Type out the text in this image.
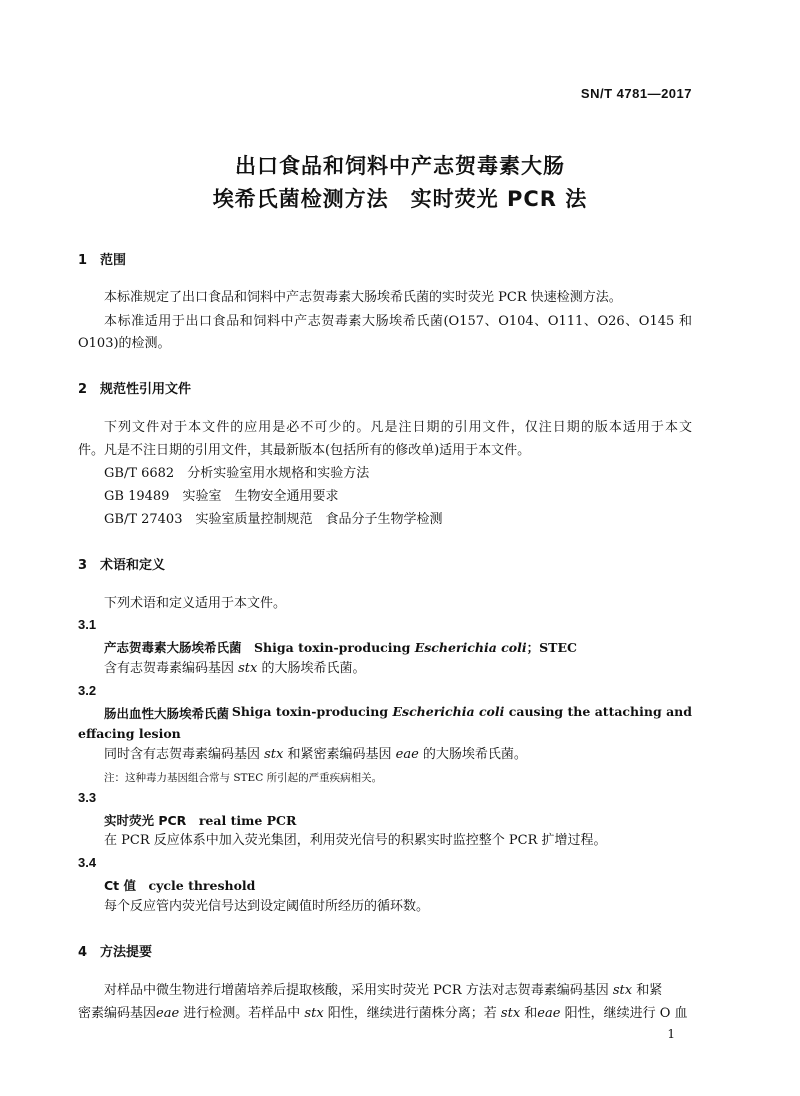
SN/T 4781—2017
出口食品和饲料中产志贺毒素大肠
埃希氏菌检测方法　实时荧光 PCR 法
1 范围
本标准规定了出口食品和饲料中产志贺毒素大肠埃希氏菌的实时荧光 PCR 快速检测方法。
本标准适用于出口食品和饲料中产志贺毒素大肠埃希氏菌(O157、O104、O111、O26、O145 和
O103)的检测。
2 规范性引用文件
下列文件对于本文件的应用是必不可少的。凡是注日期的引用文件，仅注日期的版本适用于本文
件。凡是不注日期的引用文件，其最新版本(包括所有的修改单)适用于本文件。
GB/T 6682　 分析实验室用水规格和实验方法
GB 19489　 实验室　生物安全通用要求
GB/T 27403　 实验室质量控制规范　食品分子生物学检测
3 术语和定义
下列术语和定义适用于本文件。
3.1
产志贺毒素大肠埃希氏菌　 Shiga toxin-producing Escherichia coli；STEC
含有志贺毒素编码基因 stx 的大肠埃希氏菌。
3.2
肠出血性大肠埃希氏菌 Shiga toxin-producing Escherichia coli causing the attaching and
effacing lesion
同时含有志贺毒素编码基因 stx 和紧密素编码基因 eae 的大肠埃希氏菌。
注：这种毒力基因组合常与 STEC 所引起的严重疾病相关。
3.3
实时荧光 PCR　 real time PCR
在 PCR 反应体系中加入荧光集团，利用荧光信号的积累实时监控整个 PCR 扩增过程。
3.4
Ct 值　 cycle threshold
每个反应管内荧光信号达到设定阈值时所经历的循环数。
4 方法提要
对样品中微生物进行增菌培养后提取核酸，采用实时荧光 PCR 方法对志贺毒素编码基因 stx 和紧
密素编码基因eae 进行检测。若样品中 stx 阳性，继续进行菌株分离；若 stx 和eae 阳性，继续进行 O 血
1
